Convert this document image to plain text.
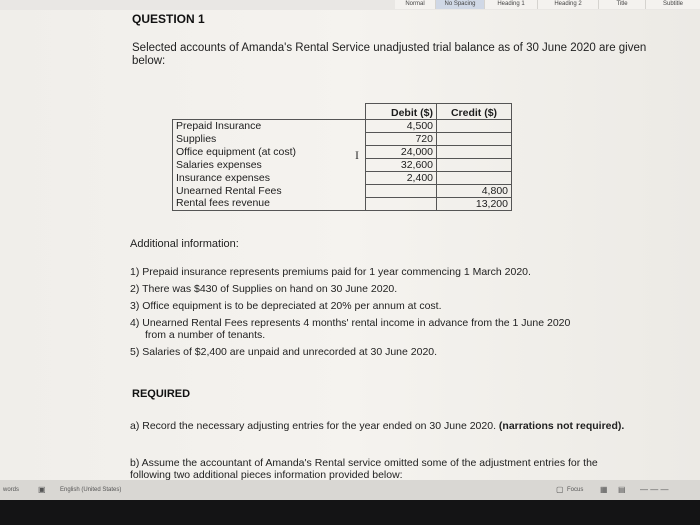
Normal	No Spacing	Heading 1	Heading 2	Title	Subtitle
QUESTION 1
Selected accounts of Amanda's Rental Service unadjusted trial balance as of 30 June 2020 are given below:
	Debit ($)	Credit ($)
Prepaid Insurance	4,500	
Supplies	720	
Office equipment (at cost)	24,000	
Salaries expenses	32,600	
Insurance expenses	2,400	
Unearned Rental Fees		4,800
Rental fees revenue		13,200
I
Additional information:
1) Prepaid insurance represents premiums paid for 1 year commencing 1 March 2020.
2) There was $430 of Supplies on hand on 30 June 2020.
3) Office equipment is to be depreciated at 20% per annum at cost.
4) Unearned Rental Fees represents 4 months' rental income in advance from the 1 June 2020
from a number of tenants.
5) Salaries of $2,400 are unpaid and unrecorded at 30 June 2020.
REQUIRED
a) Record the necessary adjusting entries for the year ended on 30 June 2020. (narrations not required).
b) Assume the accountant of Amanda's Rental service omitted some of the adjustment entries for the following two additional pieces information provided below:
words ▣ English (United States)	▢ Focus ▦ ▤ — — —
